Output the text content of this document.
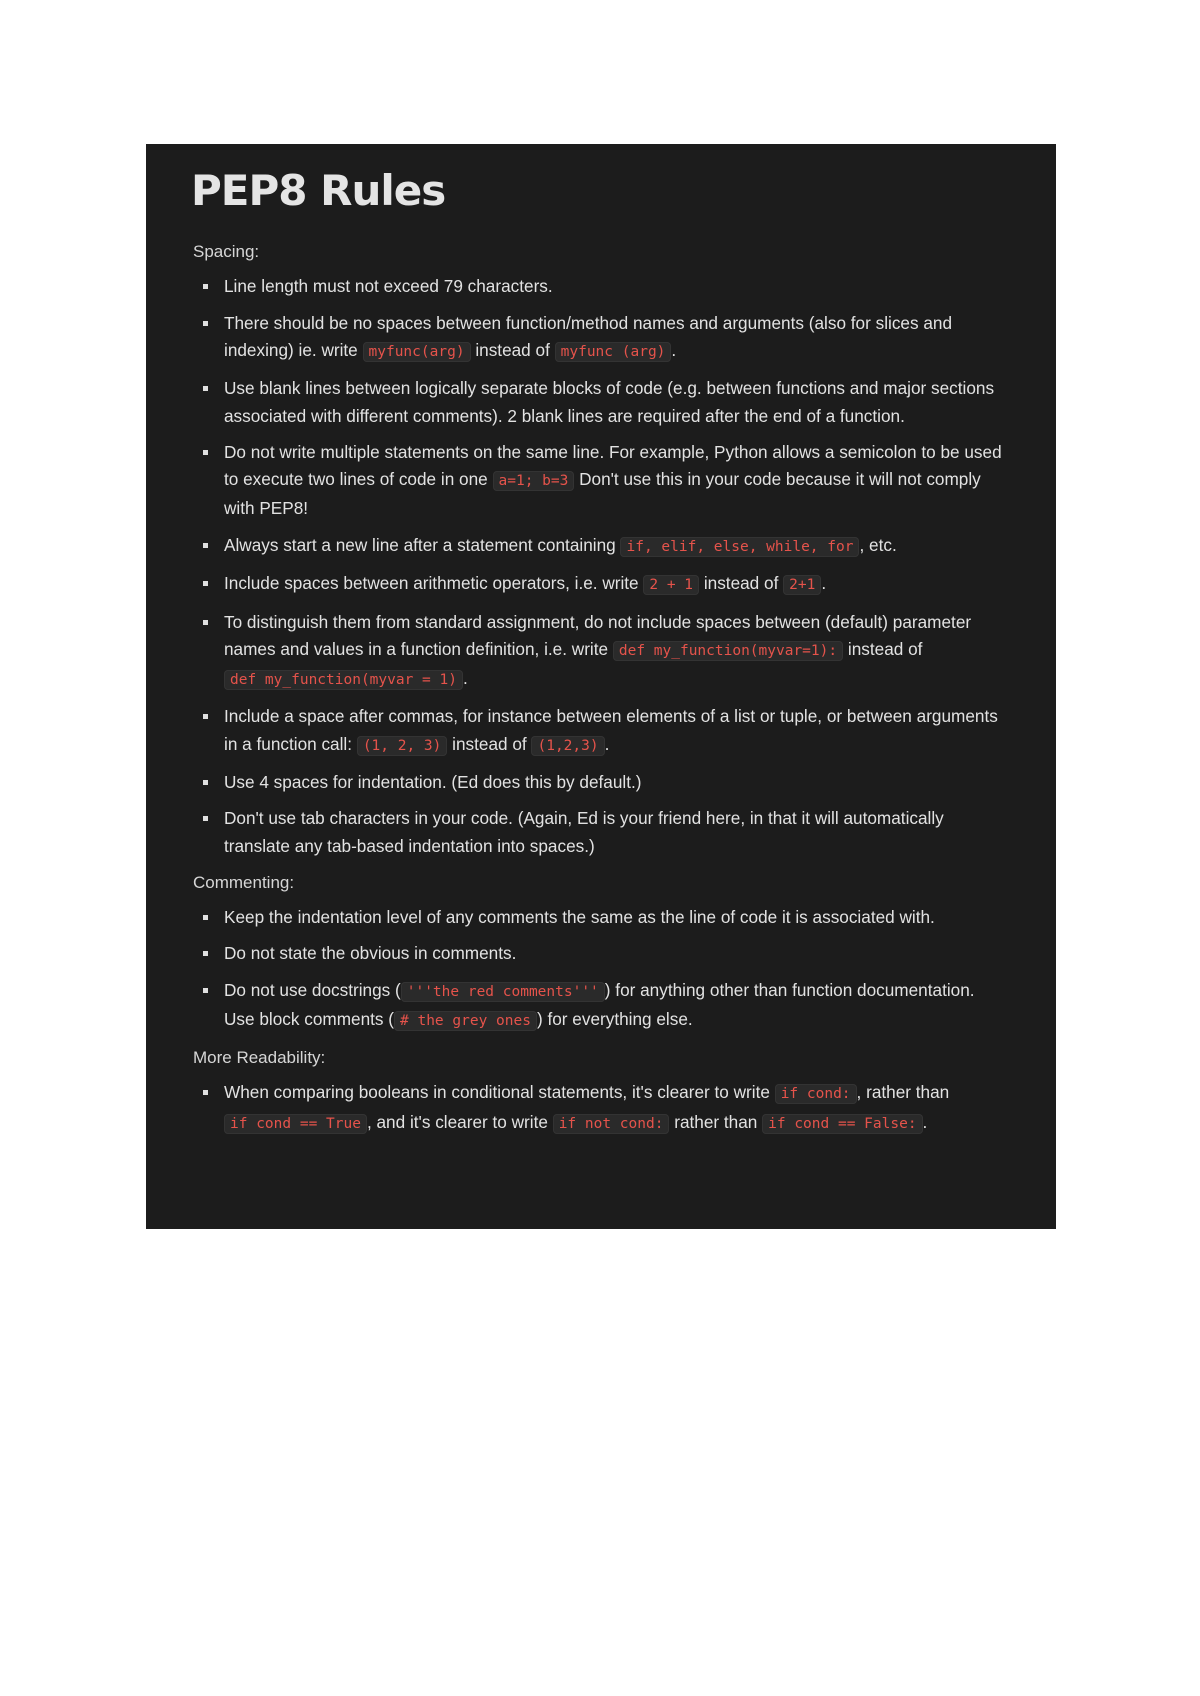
PEP8 Rules
Spacing:
Line length must not exceed 79 characters.
There should be no spaces between function/method names and arguments (also for slices and indexing) ie. write myfunc(arg) instead of myfunc (arg) .
Use blank lines between logically separate blocks of code (e.g. between functions and major sections associated with different comments). 2 blank lines are required after the end of a function.
Do not write multiple statements on the same line. For example, Python allows a semicolon to be used to execute two lines of code in one a=1; b=3 Don't use this in your code because it will not comply with PEP8!
Always start a new line after a statement containing if, elif, else, while, for , etc.
Include spaces between arithmetic operators, i.e. write 2 + 1 instead of 2+1 .
To distinguish them from standard assignment, do not include spaces between (default) parameter names and values in a function definition, i.e. write def my_function(myvar=1): instead of def my_function(myvar = 1) .
Include a space after commas, for instance between elements of a list or tuple, or between arguments in a function call: (1, 2, 3) instead of (1,2,3) .
Use 4 spaces for indentation. (Ed does this by default.)
Don't use tab characters in your code. (Again, Ed is your friend here, in that it will automatically translate any tab-based indentation into spaces.)
Commenting:
Keep the indentation level of any comments the same as the line of code it is associated with.
Do not state the obvious in comments.
Do not use docstrings ( '''the red comments''' ) for anything other than function documentation. Use block comments ( # the grey ones ) for everything else.
More Readability:
When comparing booleans in conditional statements, it's clearer to write if cond: , rather than if cond == True , and it's clearer to write if not cond: rather than if cond == False: .
